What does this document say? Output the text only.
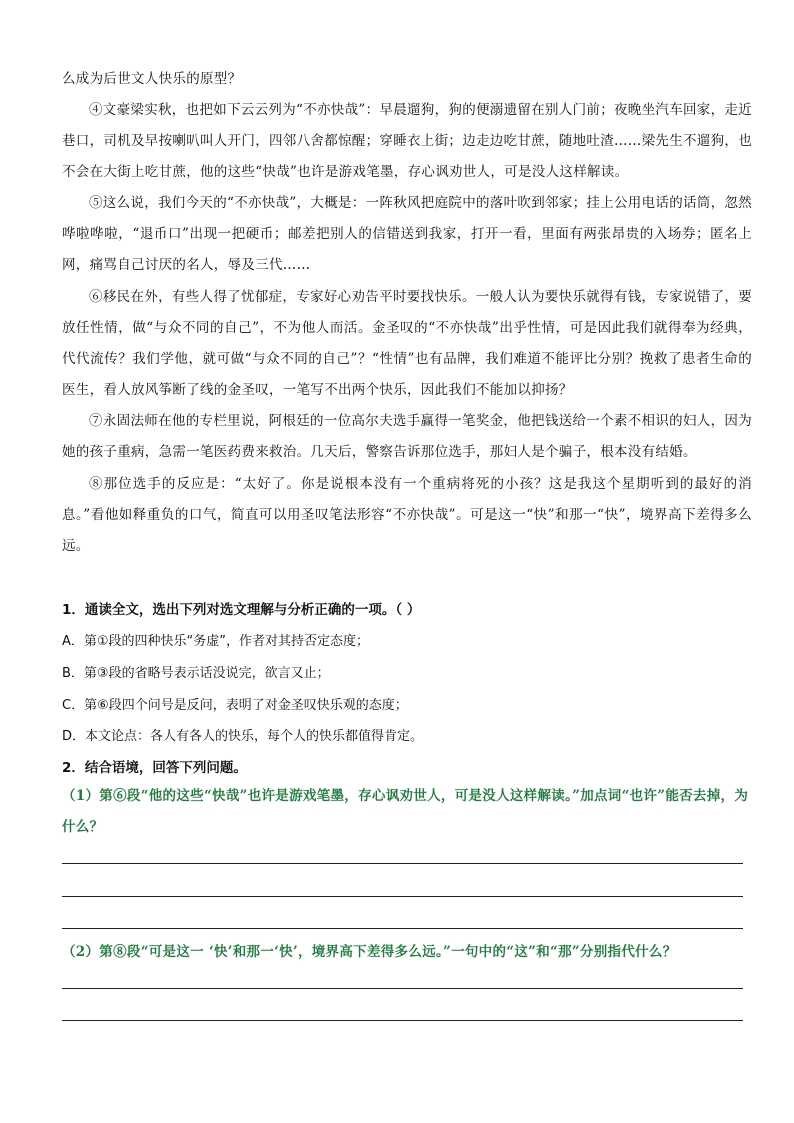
么成为后世文人快乐的原型？

④文豪梁实秋，也把如下云云列为“不亦快哉”：早晨遛狗，狗的便溺遗留在别人门前；夜晚坐汽车回家，走近巷口，司机及早按喇叭叫人开门，四邻八舍都惊醒；穿睡衣上街；边走边吃甘蔗，随地吐渣……梁先生不遛狗，也不会在大街上吃甘蔗，他的这些“快哉”也许是游戏笔墨，存心讽劝世人，可是没人这样解读。

⑤这么说，我们今天的“不亦快哉”，大概是：一阵秋风把庭院中的落叶吹到邻家；挂上公用电话的话筒，忽然哗啦哗啦，“退币口”出现一把硬币；邮差把别人的信错送到我家，打开一看，里面有两张昂贵的入场券；匿名上网，痛骂自己讨厌的名人，辱及三代……

⑥移民在外，有些人得了忧郁症，专家好心劝告平时要找快乐。一般人认为要快乐就得有钱，专家说错了，要放任性情，做“与众不同的自己”，不为他人而活。金圣叹的“不亦快哉”出乎性情，可是因此我们就得奉为经典，代代流传？我们学他，就可做“与众不同的自己”？“性情”也有品牌，我们难道不能评比分别？挽救了患者生命的医生，看人放风筝断了线的金圣叹，一笔写不出两个快乐，因此我们不能加以抑扬？

⑦永固法师在他的专栏里说，阿根廷的一位高尔夫选手赢得一笔奖金，他把钱送给一个素不相识的妇人，因为她的孩子重病，急需一笔医药费来救治。几天后，警察告诉那位选手，那妇人是个骗子，根本没有结婚。

⑧那位选手的反应是：“太好了。你是说根本没有一个重病将死的小孩？这是我这个星期听到的最好的消息。”看他如释重负的口气，简直可以用圣叹笔法形容“不亦快哉”。可是这一“快”和那一“快”，境界高下差得多么远。

1．通读全文，选出下列对选文理解与分析正确的一项。（ ）

A．第①段的四种快乐“务虚”，作者对其持否定态度；

B．第③段的省略号表示话没说完，欲言又止；

C．第⑥段四个问号是反问，表明了对金圣叹快乐观的态度；

D．本文论点：各人有各人的快乐，每个人的快乐都值得肯定。

2．结合语境，回答下列问题。

（1）第⑥段“他的这些“快哉”也许是游戏笔墨，存心讽劝世人，可是没人这样解读。”加点词“也许”能否去掉，为什么？

（2）第⑧段“可是这一 ‘快’和那一‘快’，境界高下差得多么远。”一句中的“这”和“那”分别指代什么？
